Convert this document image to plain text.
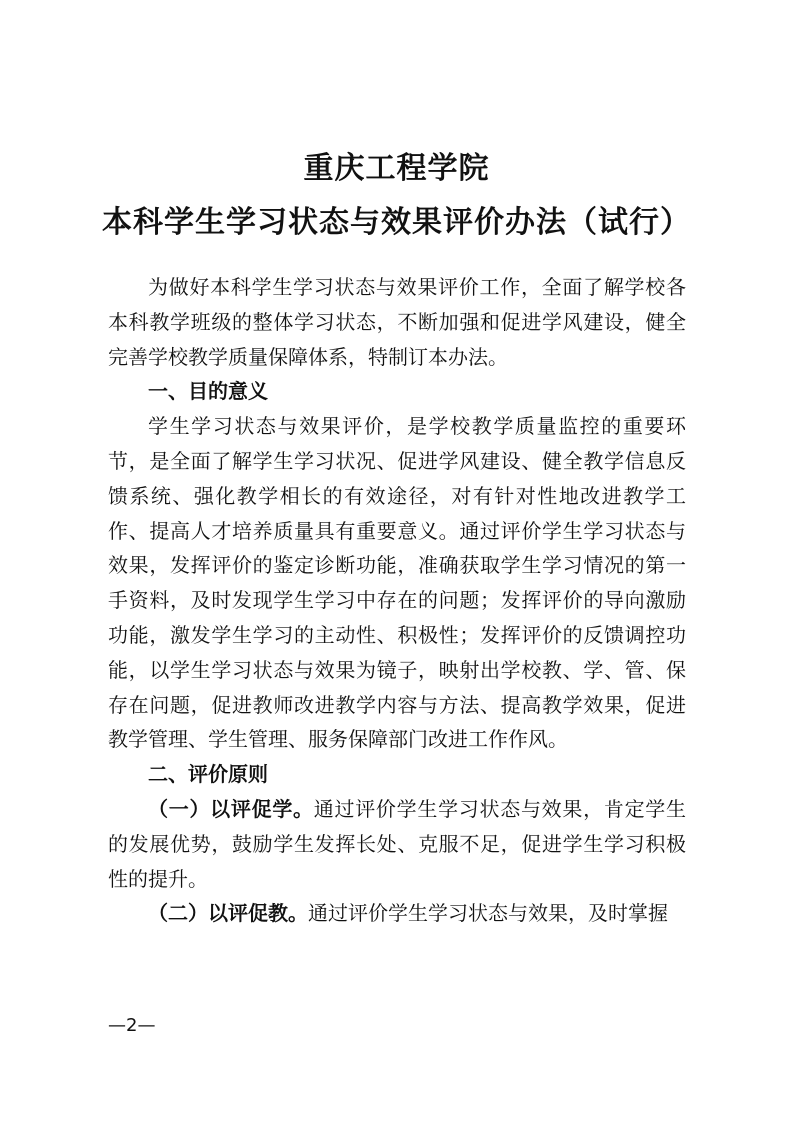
重庆工程学院
本科学生学习状态与效果评价办法（试行）

为做好本科学生学习状态与效果评价工作，全面了解学校各本科教学班级的整体学习状态，不断加强和促进学风建设，健全完善学校教学质量保障体系，特制订本办法。

一、目的意义

学生学习状态与效果评价，是学校教学质量监控的重要环节，是全面了解学生学习状况、促进学风建设、健全教学信息反馈系统、强化教学相长的有效途径，对有针对性地改进教学工作、提高人才培养质量具有重要意义。通过评价学生学习状态与效果，发挥评价的鉴定诊断功能，准确获取学生学习情况的第一手资料，及时发现学生学习中存在的问题；发挥评价的导向激励功能，激发学生学习的主动性、积极性；发挥评价的反馈调控功能，以学生学习状态与效果为镜子，映射出学校教、学、管、保存在问题，促进教师改进教学内容与方法、提高教学效果，促进教学管理、学生管理、服务保障部门改进工作作风。

二、评价原则

（一）以评促学。通过评价学生学习状态与效果，肯定学生的发展优势，鼓励学生发挥长处、克服不足，促进学生学习积极性的提升。

（二）以评促教。通过评价学生学习状态与效果，及时掌握

—2—
